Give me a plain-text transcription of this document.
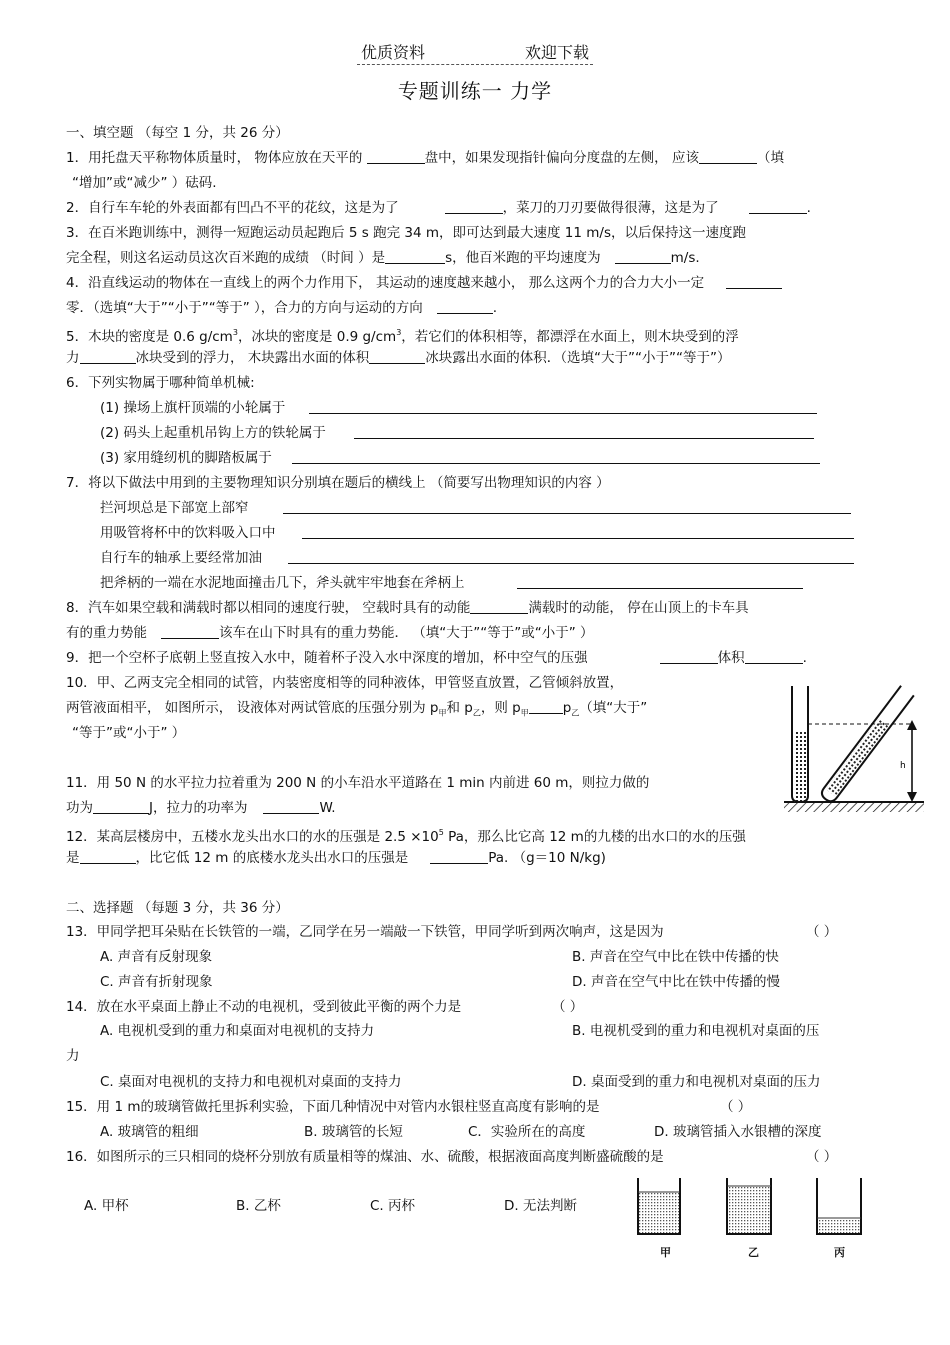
优质资料	欢迎下载
专题训练一 力学
一、填空题 （每空 1 分，共 26 分）
1．用托盘天平称物体质量时， 物体应放在天平的	盘中，如果发现指针偏向分度盘的左侧， 应该	（填
“增加”或“减少” ）砝码.
2．自行车车轮的外表面都有凹凸不平的花纹，这是为了	，菜刀的刀刃要做得很薄，这是为了	.
3．在百米跑训练中，测得一短跑运动员起跑后 5 s 跑完 34 m，即可达到最大速度 11 m/s，以后保持这一速度跑
完全程，则这名运动员这次百米跑的成绩 （时间 ）是	s，他百米跑的平均速度为	m/s.
4．沿直线运动的物体在一直线上的两个力作用下， 其运动的速度越来越小， 那么这两个力的合力大小一定
零．（选填“大于”“小于”“等于” ），合力的方向与运动的方向	.
5．木块的密度是 0.6 $g/cm^3$，冰块的密度是 0.9 $g/cm^3$，若它们的体积相等，都漂浮在水面上，则木块受到的浮
力	冰块受到的浮力， 木块露出水面的体积	冰块露出水面的体积．（选填“大于”“小于”“等于”）
6．下列实物属于哪种简单机械:
(1) 操场上旗杆顶端的小轮属于
(2) 码头上起重机吊钩上方的铁轮属于
(3) 家用缝纫机的脚踏板属于
7．将以下做法中用到的主要物理知识分别填在题后的横线上 （简要写出物理知识的内容 ）
拦河坝总是下部宽上部窄
用吸管将杯中的饮料吸入口中
自行车的轴承上要经常加油
把斧柄的一端在水泥地面撞击几下，斧头就牢牢地套在斧柄上
8．汽车如果空载和满载时都以相同的速度行驶， 空载时具有的动能	满载时的动能， 停在山顶上的卡车具
有的重力势能	该车在山下时具有的重力势能． （填“大于”“等于”或“小于” ）
9．把一个空杯子底朝上竖直按入水中，随着杯子没入水中深度的增加，杯中空气的压强	体积	.
10．甲、乙两支完全相同的试管，内装密度相等的同种液体，甲管竖直放置，乙管倾斜放置，
两管液面相平， 如图所示， 设液体对两试管底的压强分别为 $p_甲$和 $p_乙$，则 $p_甲$	$p_乙$（填“大于”
“等于”或“小于” ）
h
11．用 50 N 的水平拉力拉着重为 200 N 的小车沿水平道路在 1 min 内前进 60 m，则拉力做的
功为	J，拉力的功率为	W.
12．某高层楼房中，五楼水龙头出水口的水的压强是 $2.5 \times 10^5$ Pa，那么比它高 12 m的九楼的出水口的水的压强
是	，比它低 12 m 的底楼水龙头出水口的压强是	Pa. （g＝10 N/kg)
二、选择题 （每题 3 分，共 36 分）
13．甲同学把耳朵贴在长铁管的一端，乙同学在另一端敲一下铁管，甲同学听到两次响声，这是因为	（ ）
A. 声音有反射现象	B. 声音在空气中比在铁中传播的快
C. 声音有折射现象	D. 声音在空气中比在铁中传播的慢
14．放在水平桌面上静止不动的电视机，受到彼此平衡的两个力是	（ ）
A. 电视机受到的重力和桌面对电视机的支持力	B. 电视机受到的重力和电视机对桌面的压
力
C. 桌面对电视机的支持力和电视机对桌面的支持力	D. 桌面受到的重力和电视机对桌面的压力
15．用 1 m的玻璃管做托里拆利实验，下面几种情况中对管内水银柱竖直高度有影响的是	（ ）
A. 玻璃管的粗细	B. 玻璃管的长短	C．实验所在的高度	D. 玻璃管插入水银槽的深度
16．如图所示的三只相同的烧杯分别放有质量相等的煤油、水、硫酸，根据液面高度判断盛硫酸的是	（ ）
A. 甲杯	B. 乙杯	C. 丙杯	D. 无法判断
甲	乙	丙
